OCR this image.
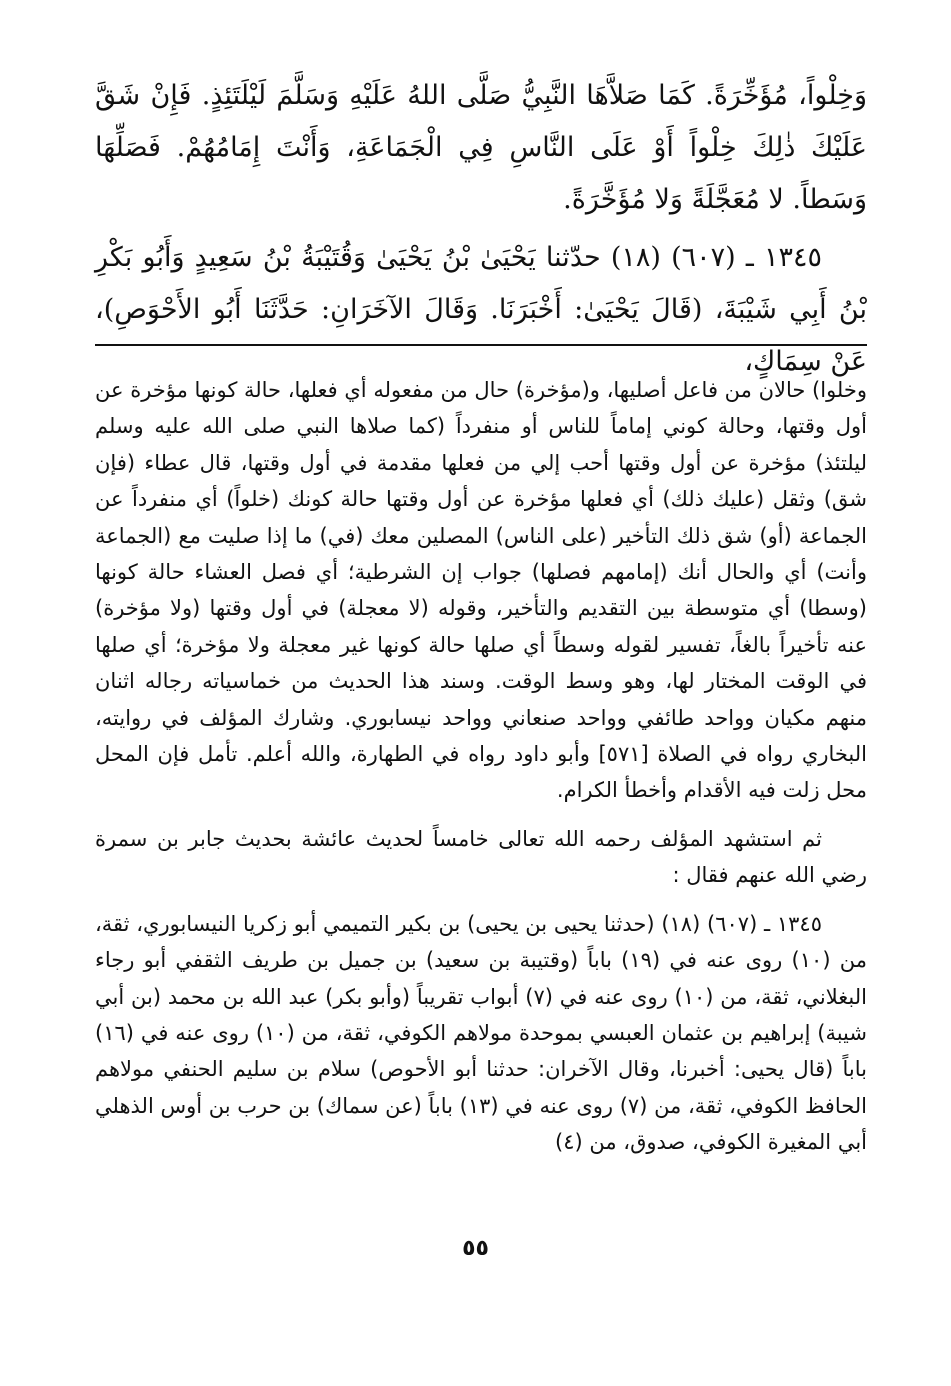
وَخِلْواً، مُؤَخِّرَةً. كَمَا صَلاَّهَا النَّبِيُّ صَلَّى اللهُ عَلَيْهِ وَسَلَّمَ لَيْلَتَئِذٍ. فَإِنْ شَقَّ عَلَيْكَ ذٰلِكَ خِلْواً أَوْ عَلَى النَّاسِ فِي الْجَمَاعَةِ، وَأَنْتَ إِمَامُهُمْ. فَصَلِّهَا وَسَطاً. لا مُعَجَّلَةً وَلا مُؤَخَّرَةً.

١٣٤٥ ـ (٦٠٧) (١٨) حدّثنا يَحْيَىٰ بْنُ يَحْيَىٰ وَقُتَيْبَةُ بْنُ سَعِيدٍ وَأَبُو بَكْرِ بْنُ أَبِي شَيْبَةَ، (قَالَ يَحْيَىٰ: أَخْبَرَنَا. وَقَالَ الآخَرَانِ: حَدَّثَنَا أَبُو الأَحْوَصِ)، عَنْ سِمَاكٍ،

وخلوا) حالان من فاعل أصليها، و(مؤخرة) حال من مفعوله أي فعلها، حالة كونها مؤخرة عن أول وقتها، وحالة كوني إماماً للناس أو منفرداً (كما صلاها النبي صلى الله عليه وسلم ليلتئذ) مؤخرة عن أول وقتها أحب إلي من فعلها مقدمة في أول وقتها، قال عطاء (فإن شق) وثقل (عليك ذلك) أي فعلها مؤخرة عن أول وقتها حالة كونك (خلواً) أي منفرداً عن الجماعة (أو) شق ذلك التأخير (على الناس) المصلين معك (في) ما إذا صليت مع (الجماعة وأنت) أي والحال أنك (إمامهم فصلها) جواب إن الشرطية؛ أي فصل العشاء حالة كونها (وسطا) أي متوسطة بين التقديم والتأخير، وقوله (لا معجلة) في أول وقتها (ولا مؤخرة) عنه تأخيراً بالغاً، تفسير لقوله وسطاً أي صلها حالة كونها غير معجلة ولا مؤخرة؛ أي صلها في الوقت المختار لها، وهو وسط الوقت. وسند هذا الحديث من خماسياته رجاله اثنان منهم مكيان وواحد طائفي وواحد صنعاني وواحد نيسابوري. وشارك المؤلف في روايته، البخاري رواه في الصلاة [٥٧١] وأبو داود رواه في الطهارة، والله أعلم. تأمل فإن المحل محل زلت فيه الأقدام وأخطأ الكرام.

ثم استشهد المؤلف رحمه الله تعالى خامساً لحديث عائشة بحديث جابر بن سمرة رضي الله عنهم فقال :

١٣٤٥ ـ (٦٠٧) (١٨) (حدثنا يحيى بن يحيى) بن بكير التميمي أبو زكريا النيسابوري، ثقة، من (١٠) روى عنه في (١٩) باباً (وقتيبة بن سعيد) بن جميل بن طريف الثقفي أبو رجاء البغلاني، ثقة، من (١٠) روى عنه في (٧) أبواب تقريباً (وأبو بكر) عبد الله بن محمد (بن أبي شيبة) إبراهيم بن عثمان العبسي بموحدة مولاهم الكوفي، ثقة، من (١٠) روى عنه في (١٦) باباً (قال يحيى: أخبرنا، وقال الآخران: حدثنا أبو الأحوص) سلام بن سليم الحنفي مولاهم الحافظ الكوفي، ثقة، من (٧) روى عنه في (١٣) باباً (عن سماك) بن حرب بن أوس الذهلي أبي المغيرة الكوفي، صدوق، من (٤)

٥٥
